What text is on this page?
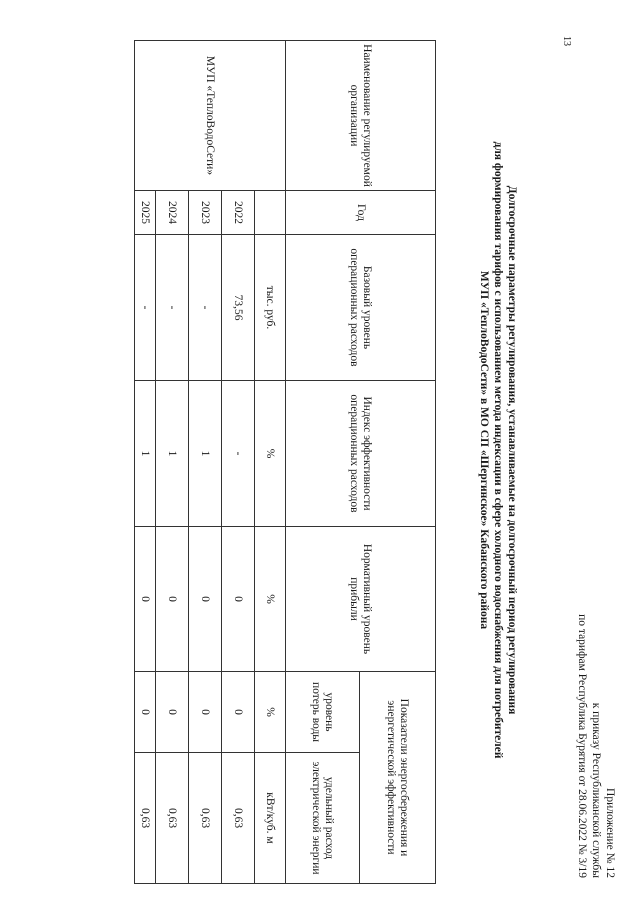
13
Приложение № 12
к приказу Республиканской службы
по тарифам Республика Бурятия от 28.06.2022 № 3/19
Долгосрочные параметры регулирования, устанавливаемые на долгосрочный период регулирования
для формирования тарифов с использованием метода индексации в сфере холодного водоснабжения для потребителей
МУП «ТеплоВодоСети» в МО СП «Шергинское» Кабанского района
Наименование регулируемой организации	Год	Базовый уровень операционных расходов	Индекс эффективности операционных расходов	Нормативный уровень прибыли	Показатели энергосбережения и энергетической эффективности	
					уровень потерь воды	удельный расход электрической энергии
МУП «ТеплоВодоСети»		тыс. руб.	%	%	%	кВт/куб. м
	2022	73,56	-	0	0	0,63
	2023	-	1	0	0	0,63
	2024	-	1	0	0	0,63
	2025	-	1	0	0	0,63
